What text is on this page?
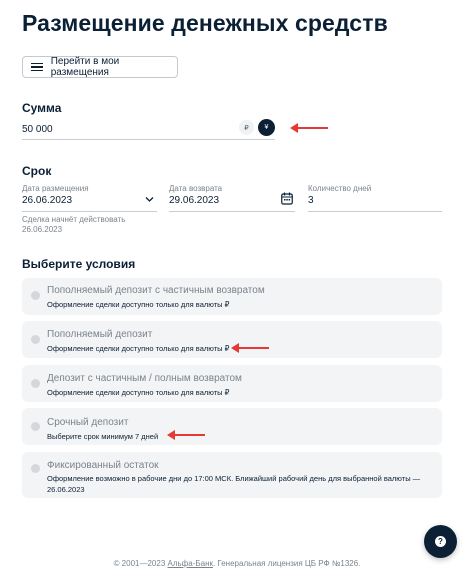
Размещение денежных средств
Перейти в мои размещения
Сумма
50 000	₽	¥
Срок
Дата размещения
26.06.2023
Сделка начнёт действовать
26.06.2023
Дата возврата
29.06.2023
Количество дней
3
Выберите условия
Пополняемый депозит с частичным возвратом
Оформление сделки доступно только для валюты ₽
Пополняемый депозит
Оформление сделки доступно только для валюты ₽
Депозит с частичным / полным возвратом
Оформление сделки доступно только для валюты ₽
Срочный депозит
Выберите срок минимум 7 дней
Фиксированный остаток
Оформление возможно в рабочие дни до 17:00 МСК. Ближайший рабочий день для выбранной валюты —
26.06.2023
?
© 2001—2023 Альфа-Банк. Генеральная лицензия ЦБ РФ №1326.
